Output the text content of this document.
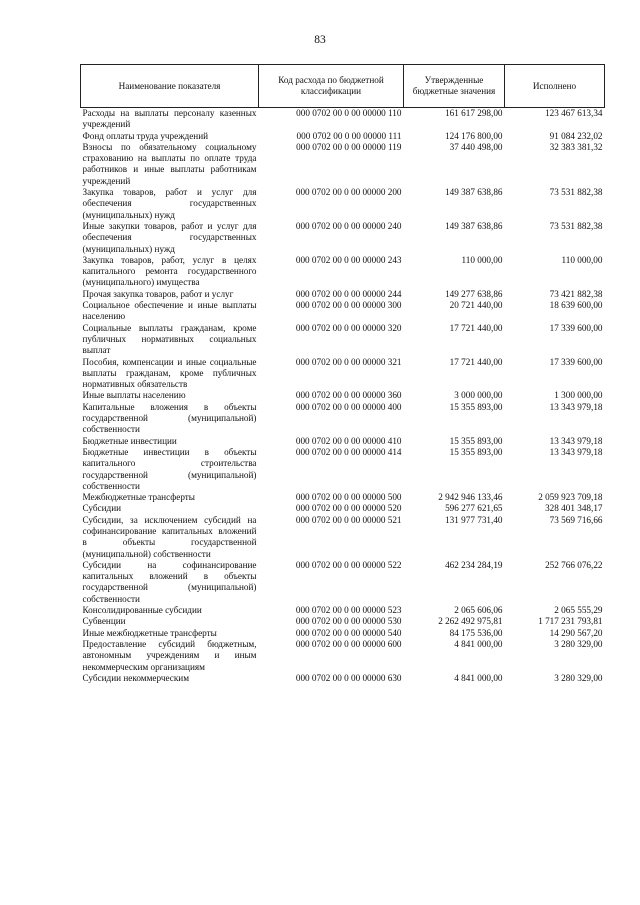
83
Наименование показателя	Код расхода по бюджетной классификации	Утвержденные бюджетные значения	Исполнено
Расходы на выплаты персоналу казенных учреждений	000 0702 00 0 00 00000 110	161 617 298,00	123 467 613,34
Фонд оплаты труда учреждений	000 0702 00 0 00 00000 111	124 176 800,00	91 084 232,02
Взносы по обязательному социальному страхованию на выплаты по оплате труда работников и иные выплаты работникам учреждений	000 0702 00 0 00 00000 119	37 440 498,00	32 383 381,32
Закупка товаров, работ и услуг для обеспечения государственных (муниципальных) нужд	000 0702 00 0 00 00000 200	149 387 638,86	73 531 882,38
Иные закупки товаров, работ и услуг для обеспечения государственных (муниципальных) нужд	000 0702 00 0 00 00000 240	149 387 638,86	73 531 882,38
Закупка товаров, работ, услуг в целях капитального ремонта государственного (муниципального) имущества	000 0702 00 0 00 00000 243	110 000,00	110 000,00
Прочая закупка товаров, работ и услуг	000 0702 00 0 00 00000 244	149 277 638,86	73 421 882,38
Социальное обеспечение и иные выплаты населению	000 0702 00 0 00 00000 300	20 721 440,00	18 639 600,00
Социальные выплаты гражданам, кроме публичных нормативных социальных выплат	000 0702 00 0 00 00000 320	17 721 440,00	17 339 600,00
Пособия, компенсации и иные социальные выплаты гражданам, кроме публичных нормативных обязательств	000 0702 00 0 00 00000 321	17 721 440,00	17 339 600,00
Иные выплаты населению	000 0702 00 0 00 00000 360	3 000 000,00	1 300 000,00
Капитальные вложения в объекты государственной (муниципальной) собственности	000 0702 00 0 00 00000 400	15 355 893,00	13 343 979,18
Бюджетные инвестиции	000 0702 00 0 00 00000 410	15 355 893,00	13 343 979,18
Бюджетные инвестиции в объекты капитального строительства государственной (муниципальной) собственности	000 0702 00 0 00 00000 414	15 355 893,00	13 343 979,18
Межбюджетные трансферты	000 0702 00 0 00 00000 500	2 942 946 133,46	2 059 923 709,18
Субсидии	000 0702 00 0 00 00000 520	596 277 621,65	328 401 348,17
Субсидии, за исключением субсидий на софинансирование капитальных вложений в объекты государственной (муниципальной) собственности	000 0702 00 0 00 00000 521	131 977 731,40	73 569 716,66
Субсидии на софинансирование капитальных вложений в объекты государственной (муниципальной) собственности	000 0702 00 0 00 00000 522	462 234 284,19	252 766 076,22
Консолидированные субсидии	000 0702 00 0 00 00000 523	2 065 606,06	2 065 555,29
Субвенции	000 0702 00 0 00 00000 530	2 262 492 975,81	1 717 231 793,81
Иные межбюджетные трансферты	000 0702 00 0 00 00000 540	84 175 536,00	14 290 567,20
Предоставление субсидий бюджетным, автономным учреждениям и иным некоммерческим организациям	000 0702 00 0 00 00000 600	4 841 000,00	3 280 329,00
Субсидии некоммерческим	000 0702 00 0 00 00000 630	4 841 000,00	3 280 329,00
